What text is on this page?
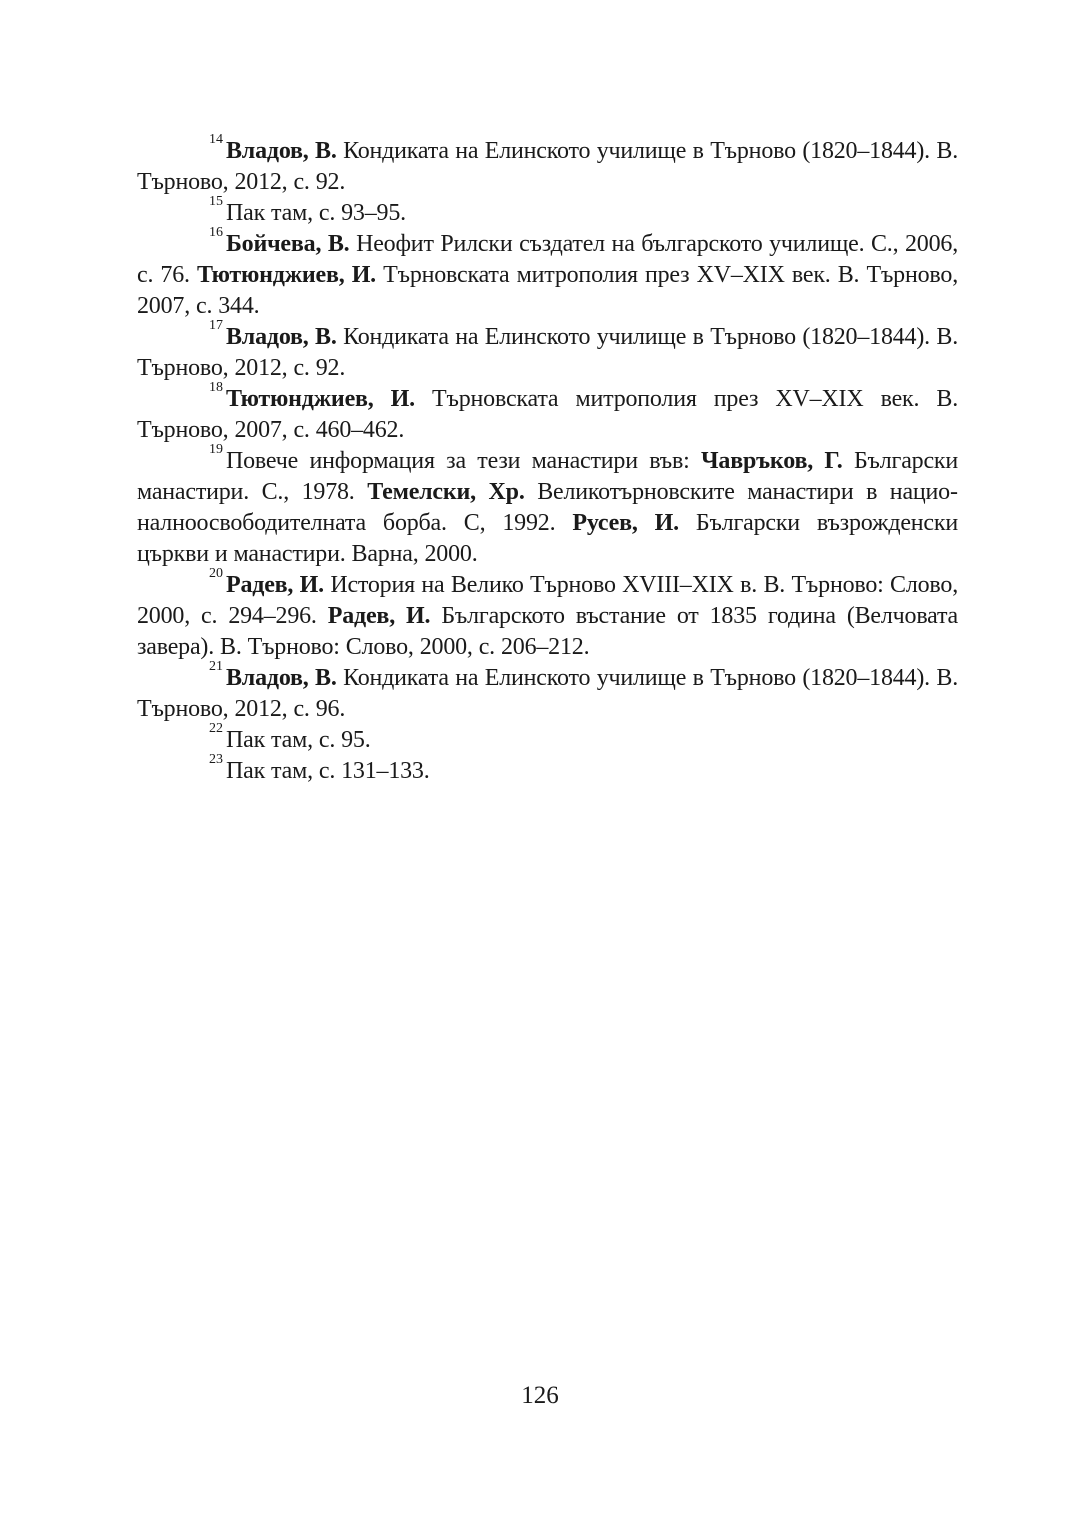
$^{14}$ Владов, В. Кондиката на Елинското училище в Търново (1820–1844). В. Търново, 2012, с. 92.

$^{15}$ Пак там, с. 93–95.

$^{16}$ Бойчева, В. Неофит Рилски създател на българското училище. С., 2006, с. 76. Тютюнджиев, И. Търновската митрополия през XV–XIX век. В. Търново, 2007, с. 344.

$^{17}$ Владов, В. Кондиката на Елинското училище в Търново (1820–1844). В. Търново, 2012, с. 92.

$^{18}$ Тютюнджиев, И. Търновската митрополия през XV–XIX век. В. Търново, 2007, с. 460–462.

$^{19}$ Повече информация за тези манастири във: Чавръков, Г. Български манастири. С., 1978. Темелски, Хр. Великотърновските манастири в националноосвободителната борба. С, 1992. Русев, И. Български възрожденски църкви и манастири. Варна, 2000.

$^{20}$ Радев, И. История на Велико Търново XVIII–XIX в. В. Търново: Слово, 2000, с. 294–296. Радев, И. Българското въстание от 1835 година (Велчовата завера). В. Търново: Слово, 2000, с. 206–212.

$^{21}$ Владов, В. Кондиката на Елинското училище в Търново (1820–1844). В. Търново, 2012, с. 96.

$^{22}$ Пак там, с. 95.

$^{23}$ Пак там, с. 131–133.

126
